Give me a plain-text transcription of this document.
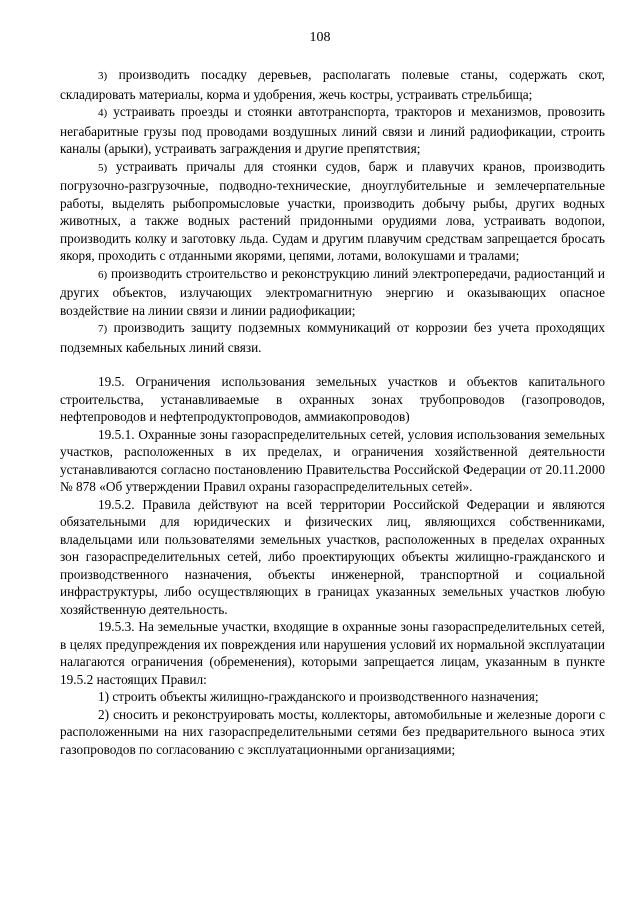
108

3) производить посадку деревьев, располагать полевые станы, содержать скот, складировать материалы, корма и удобрения, жечь костры, устраивать стрельбища;

4) устраивать проезды и стоянки автотранспорта, тракторов и механизмов, провозить негабаритные грузы под проводами воздушных линий связи и линий радиофикации, строить каналы (арыки), устраивать заграждения и другие препятствия;

5) устраивать причалы для стоянки судов, барж и плавучих кранов, производить погрузочно-разгрузочные, подводно-технические, дноуглубительные и землечерпательные работы, выделять рыбопромысловые участки, производить добычу рыбы, других водных животных, а также водных растений придонными орудиями лова, устраивать водопои, производить колку и заготовку льда. Судам и другим плавучим средствам запрещается бросать якоря, проходить с отданными якорями, цепями, лотами, волокушами и тралами;

6) производить строительство и реконструкцию линий электропередачи, радиостанций и других объектов, излучающих электромагнитную энергию и оказывающих опасное воздействие на линии связи и линии радиофикации;

7) производить защиту подземных коммуникаций от коррозии без учета проходящих подземных кабельных линий связи.

19.5. Ограничения использования земельных участков и объектов капитального строительства, устанавливаемые в охранных зонах трубопроводов (газопроводов, нефтепроводов и нефтепродуктопроводов, аммиакопроводов)

19.5.1. Охранные зоны газораспределительных сетей, условия использования земельных участков, расположенных в их пределах, и ограничения хозяйственной деятельности устанавливаются согласно постановлению Правительства Российской Федерации от 20.11.2000 № 878 «Об утверждении Правил охраны газораспределительных сетей».

19.5.2. Правила действуют на всей территории Российской Федерации и являются обязательными для юридических и физических лиц, являющихся собственниками, владельцами или пользователями земельных участков, расположенных в пределах охранных зон газораспределительных сетей, либо проектирующих объекты жилищно-гражданского и производственного назначения, объекты инженерной, транспортной и социальной инфраструктуры, либо осуществляющих в границах указанных земельных участков любую хозяйственную деятельность.

19.5.3. На земельные участки, входящие в охранные зоны газораспределительных сетей, в целях предупреждения их повреждения или нарушения условий их нормальной эксплуатации налагаются ограничения (обременения), которыми запрещается лицам, указанным в пункте 19.5.2 настоящих Правил:

1) строить объекты жилищно-гражданского и производственного назначения;

2) сносить и реконструировать мосты, коллекторы, автомобильные и железные дороги с расположенными на них газораспределительными сетями без предварительного выноса этих газопроводов по согласованию с эксплуатационными организациями;
